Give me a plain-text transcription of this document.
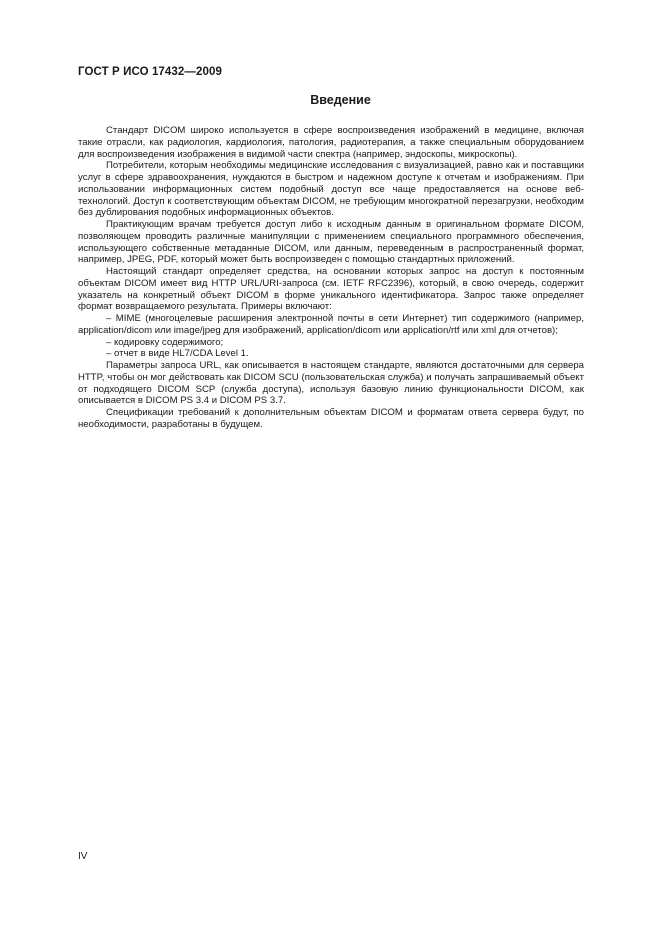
ГОСТ Р ИСО 17432—2009
Введение

Стандарт DICOM широко используется в сфере воспроизведения изображений в медицине, включая такие отрасли, как радиология, кардиология, патология, радиотерапия, а также специальным оборудованием для воспроизведения изображения в видимой части спектра (например, эндоскопы, микроскопы).

Потребители, которым необходимы медицинские исследования с визуализацией, равно как и поставщики услуг в сфере здравоохранения, нуждаются в быстром и надежном доступе к отчетам и изображениям. При использовании информационных систем подобный доступ все чаще предоставляется на основе веб-технологий. Доступ к соответствующим объектам DICOM, не требующим многократной перезагрузки, необходим без дублирования подобных информационных объектов.

Практикующим врачам требуется доступ либо к исходным данным в оригинальном формате DICOM, позволяющем проводить различные манипуляции с применением специального программного обеспечения, использующего собственные метаданные DICOM, или данным, переведенным в распространенный формат, например, JPEG, PDF, который может быть воспроизведен с помощью стандартных приложений.

Настоящий стандарт определяет средства, на основании которых запрос на доступ к постоянным объектам DICOM имеет вид HTTP URL/URI-запроса (см. IETF RFC2396), который, в свою очередь, содержит указатель на конкретный объект DICOM в форме уникального идентификатора. Запрос также определяет формат возвращаемого результата. Примеры включают:

– MIME (многоцелевые расширения электронной почты в сети Интернет) тип содержимого (например, application/dicom или image/jpeg для изображений, application/dicom или application/rtf или xml для отчетов);

– кодировку содержимого;

– отчет в виде HL7/CDA Level 1.

Параметры запроса URL, как описывается в настоящем стандарте, являются достаточными для сервера HTTP, чтобы он мог действовать как DICOM SCU (пользовательская служба) и получать запрашиваемый объект от подходящего DICOM SCP (служба доступа), используя базовую линию функциональности DICOM, как описывается в DICOM PS 3.4 и DICOM PS 3.7.

Спецификации требований к дополнительным объектам DICOM и форматам ответа сервера будут, по необходимости, разработаны в будущем.

IV
